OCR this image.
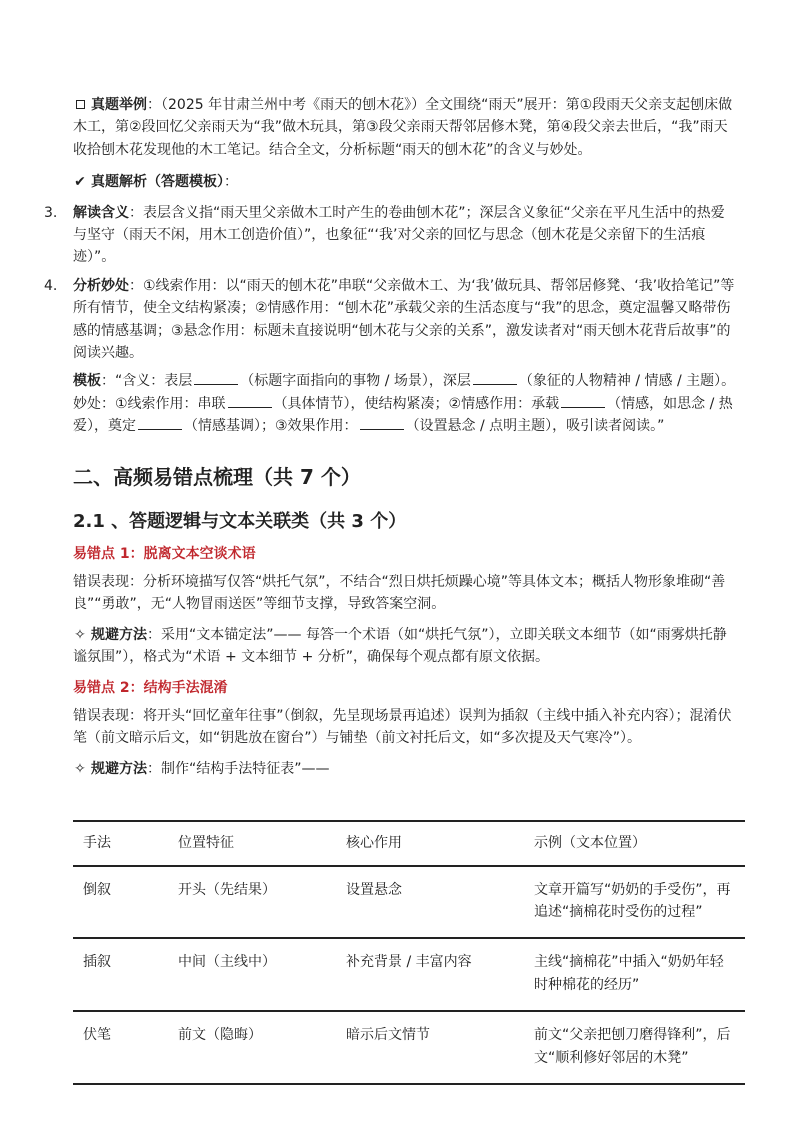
真题举例：（2025 年甘肃兰州中考《雨天的刨木花》）全文围绕“雨天”展开：第①段雨天父亲支起刨床做木工，第②段回忆父亲雨天为“我”做木玩具，第③段父亲雨天帮邻居修木凳，第④段父亲去世后，“我”雨天收拾刨木花发现他的木工笔记。结合全文，分析标题“雨天的刨木花”的含义与妙处。

✔ 真题解析（答题模板）：

3. 解读含义：表层含义指“雨天里父亲做木工时产生的卷曲刨木花”；深层含义象征“父亲在平凡生活中的热爱与坚守（雨天不闲，用木工创造价值）”，也象征“‘我’对父亲的回忆与思念（刨木花是父亲留下的生活痕迹）”。

4. 分析妙处：①线索作用：以“雨天的刨木花”串联“父亲做木工、为‘我’做玩具、帮邻居修凳、‘我’收拾笔记”等所有情节，使全文结构紧凑；②情感作用：“刨木花”承载父亲的生活态度与“我”的思念，奠定温馨又略带伤感的情感基调；③悬念作用：标题未直接说明“刨木花与父亲的关系”，激发读者对“雨天刨木花背后故事”的阅读兴趣。

模板：“含义：表层	（标题字面指向的事物 / 场景），深层	（象征的人物精神 / 情感 / 主题）。妙处：①线索作用：串联	（具体情节），使结构紧凑；②情感作用：承载	（情感，如思念 / 热爱），奠定	（情感基调）；③效果作用：	（设置悬念 / 点明主题），吸引读者阅读。”

二、高频易错点梳理（共 7 个）
2.1 、答题逻辑与文本关联类（共 3 个）

易错点 1：脱离文本空谈术语

错误表现：分析环境描写仅答“烘托气氛”，不结合“烈日烘托烦躁心境”等具体文本；概括人物形象堆砌“善良”“勇敢”，无“人物冒雨送医”等细节支撑，导致答案空洞。

✧ 规避方法：采用“文本锚定法”—— 每答一个术语（如“烘托气氛”），立即关联文本细节（如“雨雾烘托静谧氛围”），格式为“术语 + 文本细节 + 分析”，确保每个观点都有原文依据。

易错点 2：结构手法混淆

错误表现：将开头“回忆童年往事”（倒叙，先呈现场景再追述）误判为插叙（主线中插入补充内容）；混淆伏笔（前文暗示后文，如“钥匙放在窗台”）与铺垫（前文衬托后文，如“多次提及天气寒冷”）。

✧ 规避方法：制作“结构手法特征表”——

手法	位置特征	核心作用	示例（文本位置）
倒叙	开头（先结果）	设置悬念	文章开篇写“奶奶的手受伤”，再追述“摘棉花时受伤的过程”
插叙	中间（主线中）	补充背景 / 丰富内容	主线“摘棉花”中插入“奶奶年轻时种棉花的经历”
伏笔	前文（隐晦）	暗示后文情节	前文“父亲把刨刀磨得锋利”，后文“顺利修好邻居的木凳”
